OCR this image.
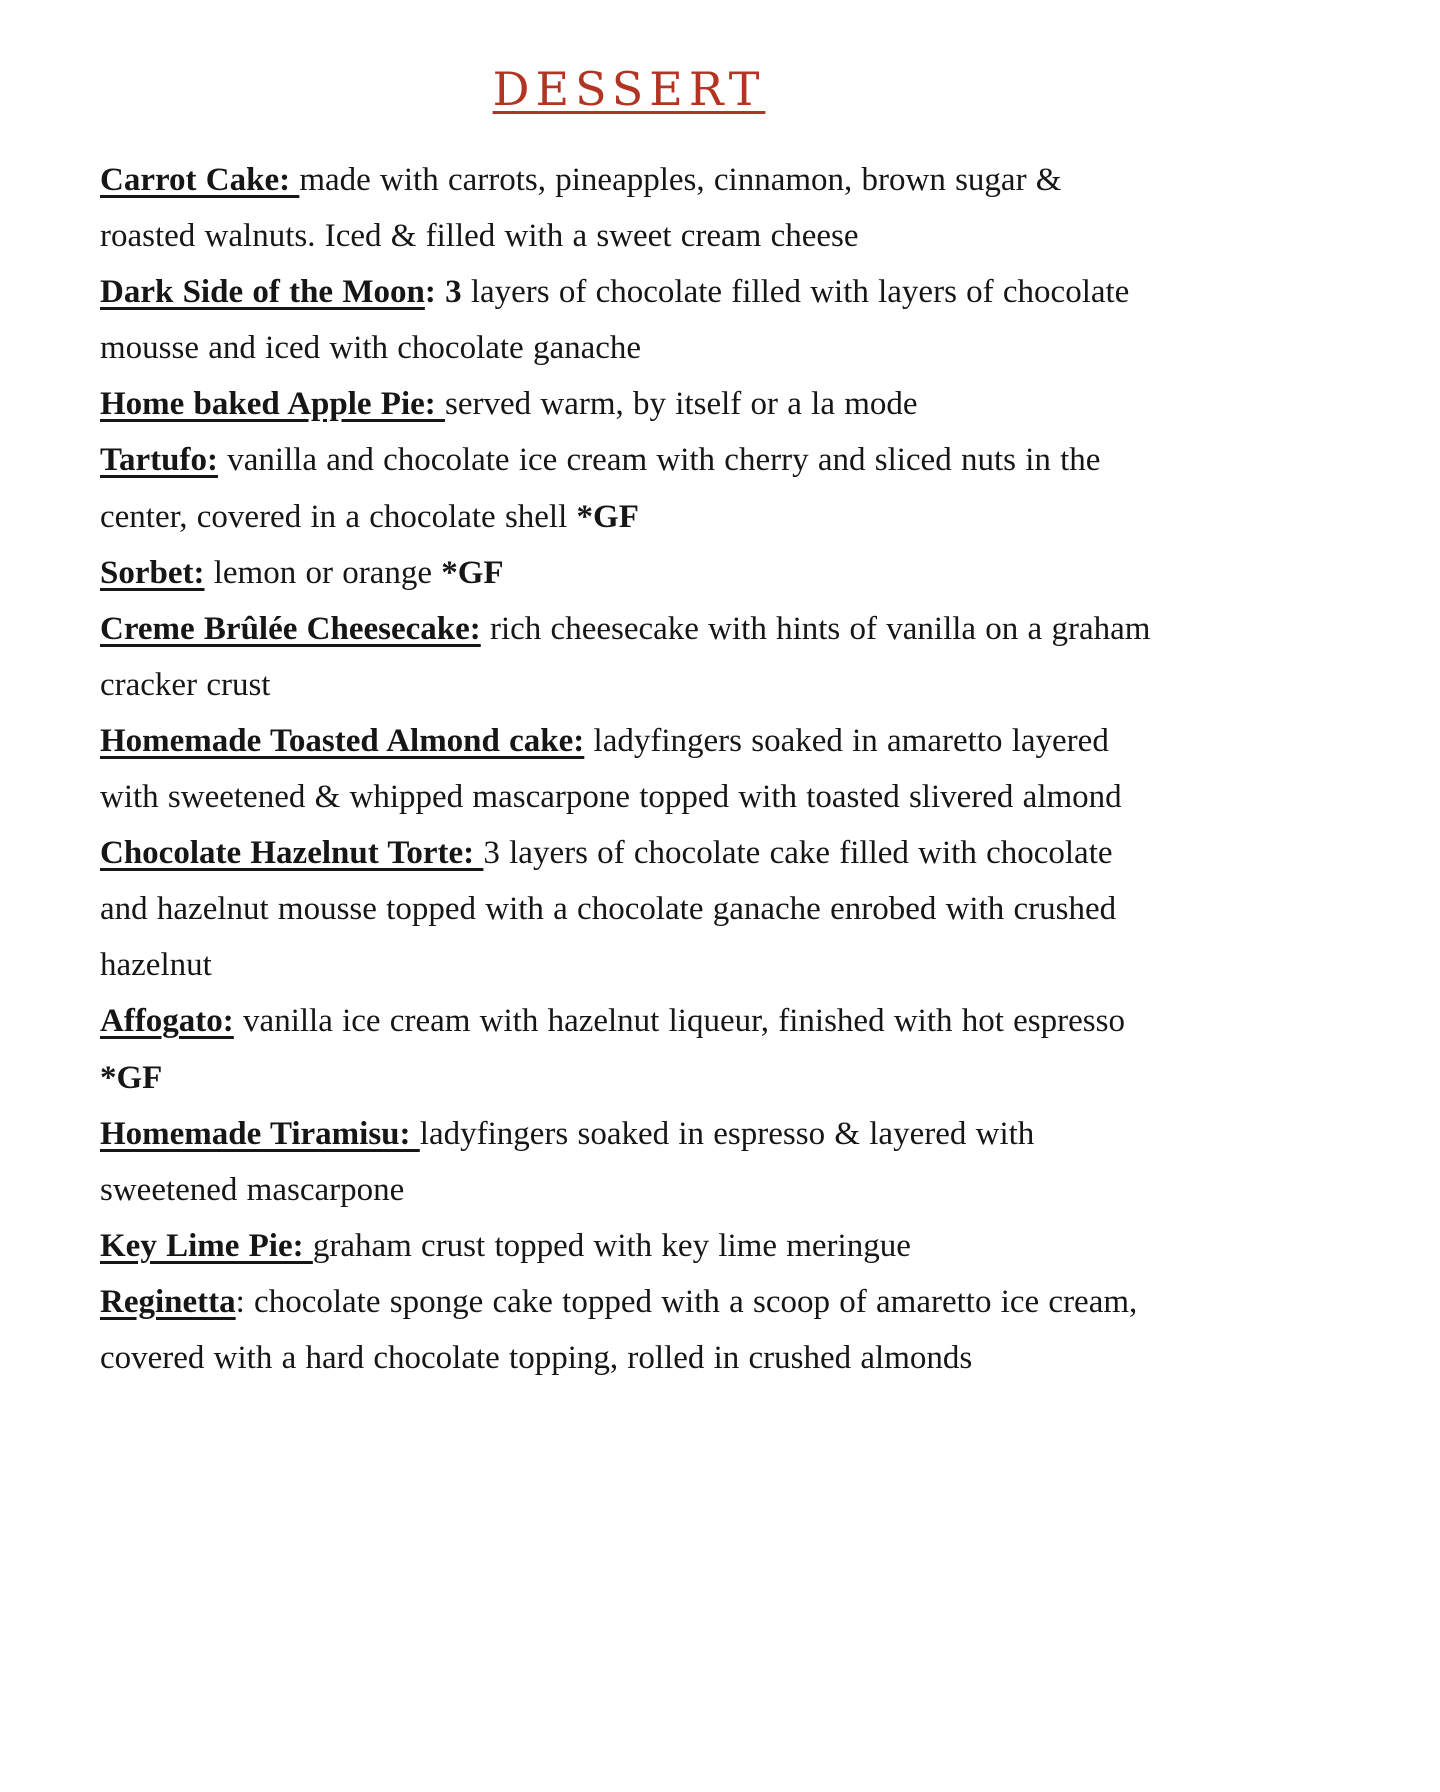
DESSERT

Carrot Cake: made with carrots, pineapples, cinnamon, brown sugar & roasted walnuts. Iced & filled with a sweet cream cheese

Dark Side of the Moon: 3 layers of chocolate filled with layers of chocolate mousse and iced with chocolate ganache

Home baked Apple Pie: served warm, by itself or a la mode

Tartufo: vanilla and chocolate ice cream with cherry and sliced nuts in the center, covered in a chocolate shell *GF

Sorbet: lemon or orange *GF

Creme Brûlée Cheesecake: rich cheesecake with hints of vanilla on a graham cracker crust

Homemade Toasted Almond cake: ladyfingers soaked in amaretto layered with sweetened & whipped mascarpone topped with toasted slivered almond

Chocolate Hazelnut Torte: 3 layers of chocolate cake filled with chocolate and hazelnut mousse topped with a chocolate ganache enrobed with crushed hazelnut

Affogato: vanilla ice cream with hazelnut liqueur, finished with hot espresso *GF

Homemade Tiramisu: ladyfingers soaked in espresso & layered with sweetened mascarpone

Key Lime Pie: graham crust topped with key lime meringue

Reginetta: chocolate sponge cake topped with a scoop of amaretto ice cream, covered with a hard chocolate topping, rolled in crushed almonds
